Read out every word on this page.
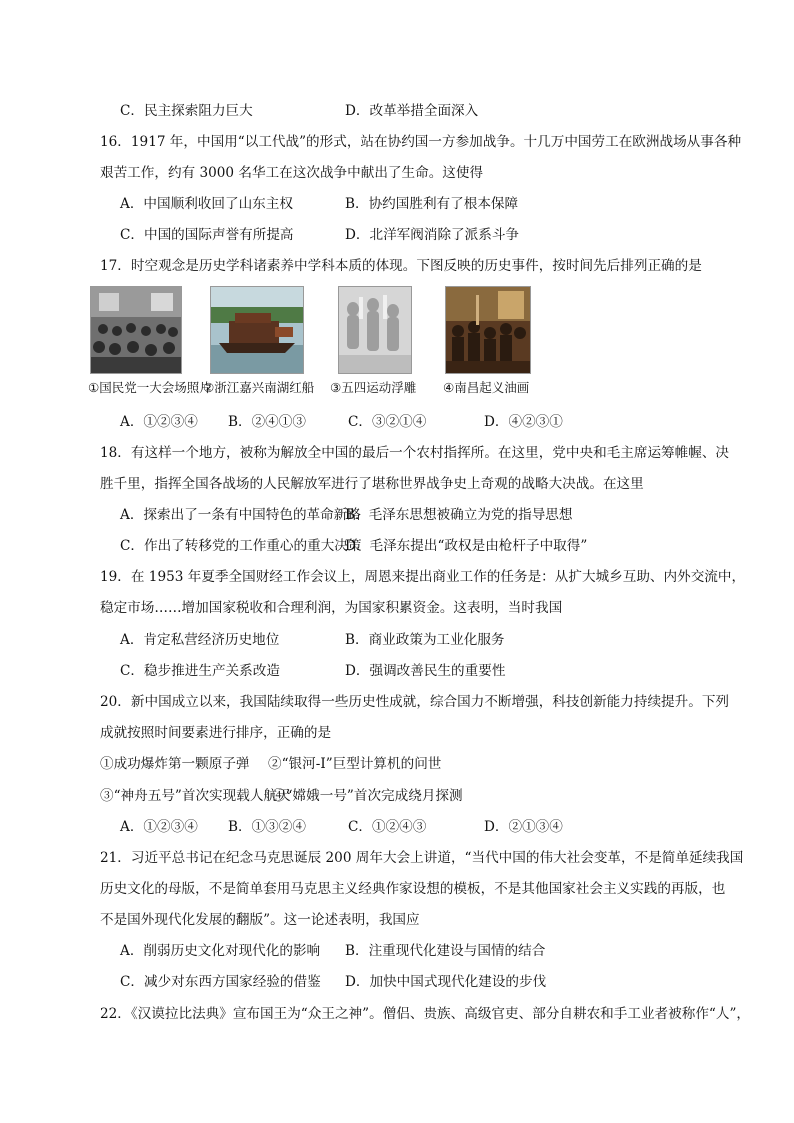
C．民主探索阻力巨大	D．改革举措全面深入
16．1917 年，中国用“以工代战”的形式，站在协约国一方参加战争。十几万中国劳工在欧洲战场从事各种
艰苦工作，约有 3000 名华工在这次战争中献出了生命。这使得
A．中国顺利收回了山东主权	B．协约国胜利有了根本保障
C．中国的国际声誉有所提高	D．北洋军阀消除了派系斗争
17．时空观念是历史学科诸素养中学科本质的体现。下图反映的历史事件，按时间先后排列正确的是
①国民党一大会场照片
②浙江嘉兴南湖红船 ③五四运动浮雕 ④南昌起义油画
A．①②③④ B．②④①③	C．③②①④	D．④②③①
18．有这样一个地方，被称为解放全中国的最后一个农村指挥所。在这里，党中央和毛主席运筹帷幄、决
胜千里，指挥全国各战场的人民解放军进行了堪称世界战争史上奇观的战略大决战。在这里
A．探索出了一条有中国特色的革命新路
B．毛泽东思想被确立为党的指导思想
C．作出了转移党的工作重心的重大决策
D．毛泽东提出“政权是由枪杆子中取得”
19．在 1953 年夏季全国财经工作会议上，周恩来提出商业工作的任务是：从扩大城乡互助、内外交流中，
稳定市场……增加国家税收和合理利润，为国家积累资金。这表明，当时我国
A．肯定私营经济历史地位	B．商业政策为工业化服务
C．稳步推进生产关系改造	D．强调改善民生的重要性
20．新中国成立以来，我国陆续取得一些历史性成就，综合国力不断增强，科技创新能力持续提升。下列
成就按照时间要素进行排序，正确的是
①成功爆炸第一颗原子弹 ②“银河-Ⅰ”巨型计算机的问世
③“神舟五号”首次实现载人航天
④“嫦娥一号”首次完成绕月探测
A．①②③④ B．①③②④	C．①②④③	D．②①③④
21．习近平总书记在纪念马克思诞辰 200 周年大会上讲道，“当代中国的伟大社会变革，不是简单延续我国
历史文化的母版，不是简单套用马克思主义经典作家设想的模板，不是其他国家社会主义实践的再版，也
不是国外现代化发展的翻版”。这一论述表明，我国应
A．削弱历史文化对现代化的影响 B．注重现代化建设与国情的结合
C．减少对东西方国家经验的借鉴 D．加快中国式现代化建设的步伐
22．《汉谟拉比法典》宣布国王为“众王之神”。僧侣、贵族、高级官吏、部分自耕农和手工业者被称作“人”，
